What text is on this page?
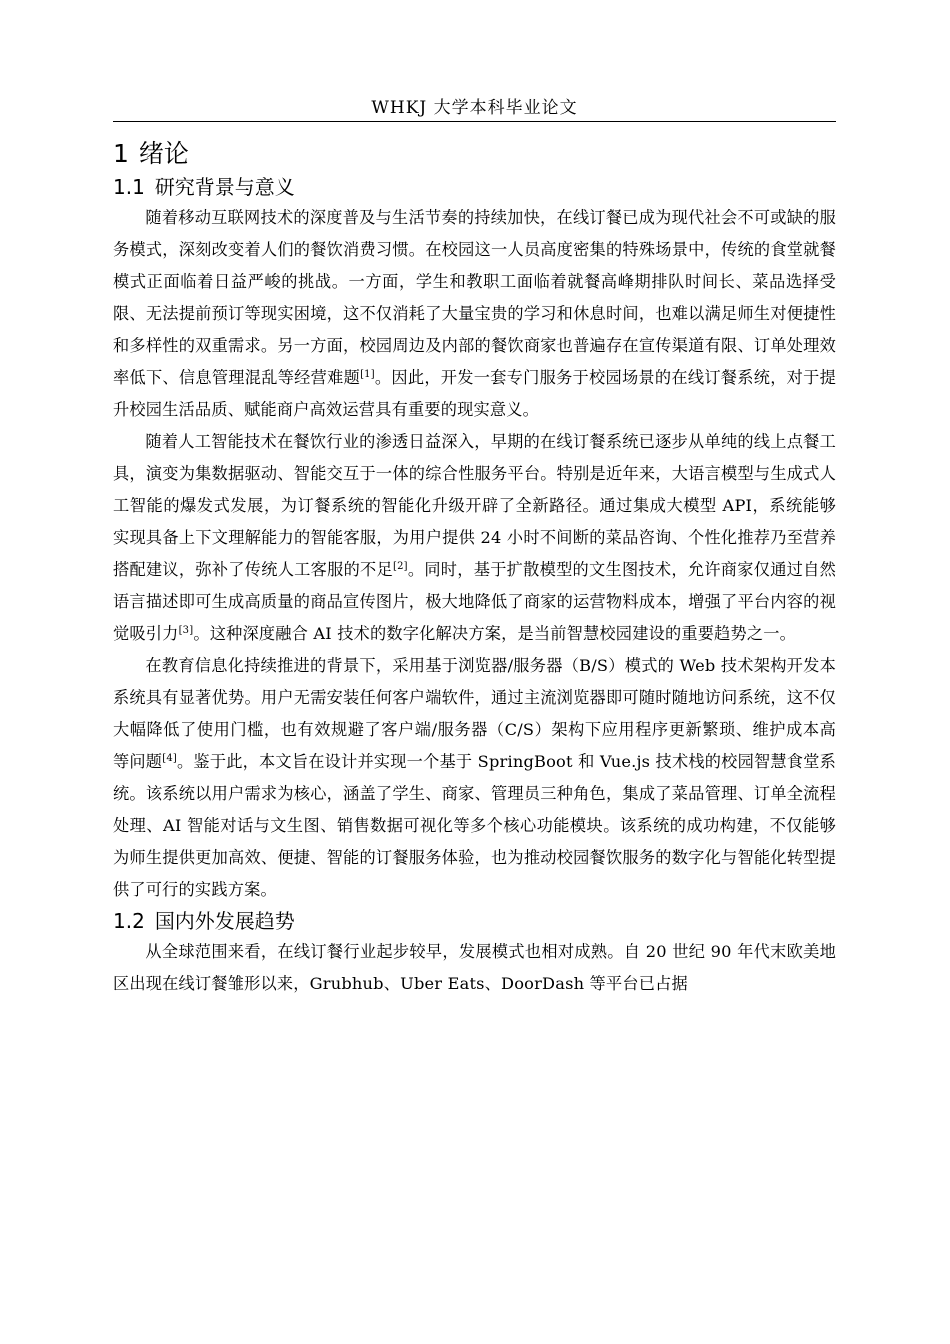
WHKJ 大学本科毕业论文
1 绪论
1.1 研究背景与意义

随着移动互联网技术的深度普及与生活节奏的持续加快，在线订餐已成为现代社会不可或缺的服务模式，深刻改变着人们的餐饮消费习惯。在校园这一人员高度密集的特殊场景中，传统的食堂就餐模式正面临着日益严峻的挑战。一方面，学生和教职工面临着就餐高峰期排队时间长、菜品选择受限、无法提前预订等现实困境，这不仅消耗了大量宝贵的学习和休息时间，也难以满足师生对便捷性和多样性的双重需求。另一方面，校园周边及内部的餐饮商家也普遍存在宣传渠道有限、订单处理效率低下、信息管理混乱等经营难题[1]。因此，开发一套专门服务于校园场景的在线订餐系统，对于提升校园生活品质、赋能商户高效运营具有重要的现实意义。

随着人工智能技术在餐饮行业的渗透日益深入，早期的在线订餐系统已逐步从单纯的线上点餐工具，演变为集数据驱动、智能交互于一体的综合性服务平台。特别是近年来，大语言模型与生成式人工智能的爆发式发展，为订餐系统的智能化升级开辟了全新路径。通过集成大模型 API，系统能够实现具备上下文理解能力的智能客服，为用户提供 24 小时不间断的菜品咨询、个性化推荐乃至营养搭配建议，弥补了传统人工客服的不足[2]。同时，基于扩散模型的文生图技术，允许商家仅通过自然语言描述即可生成高质量的商品宣传图片，极大地降低了商家的运营物料成本，增强了平台内容的视觉吸引力[3]。这种深度融合 AI 技术的数字化解决方案，是当前智慧校园建设的重要趋势之一。

在教育信息化持续推进的背景下，采用基于浏览器/服务器（B/S）模式的 Web 技术架构开发本系统具有显著优势。用户无需安装任何客户端软件，通过主流浏览器即可随时随地访问系统，这不仅大幅降低了使用门槛，也有效规避了客户端/服务器（C/S）架构下应用程序更新繁琐、维护成本高等问题[4]。鉴于此，本文旨在设计并实现一个基于 SpringBoot 和 Vue.js 技术栈的校园智慧食堂系统。该系统以用户需求为核心，涵盖了学生、商家、管理员三种角色，集成了菜品管理、订单全流程处理、AI 智能对话与文生图、销售数据可视化等多个核心功能模块。该系统的成功构建，不仅能够为师生提供更加高效、便捷、智能的订餐服务体验，也为推动校园餐饮服务的数字化与智能化转型提供了可行的实践方案。

1.2 国内外发展趋势

从全球范围来看，在线订餐行业起步较早，发展模式也相对成熟。自 20 世纪 90 年代末欧美地区出现在线订餐雏形以来，Grubhub、Uber Eats、DoorDash 等平台已占据
